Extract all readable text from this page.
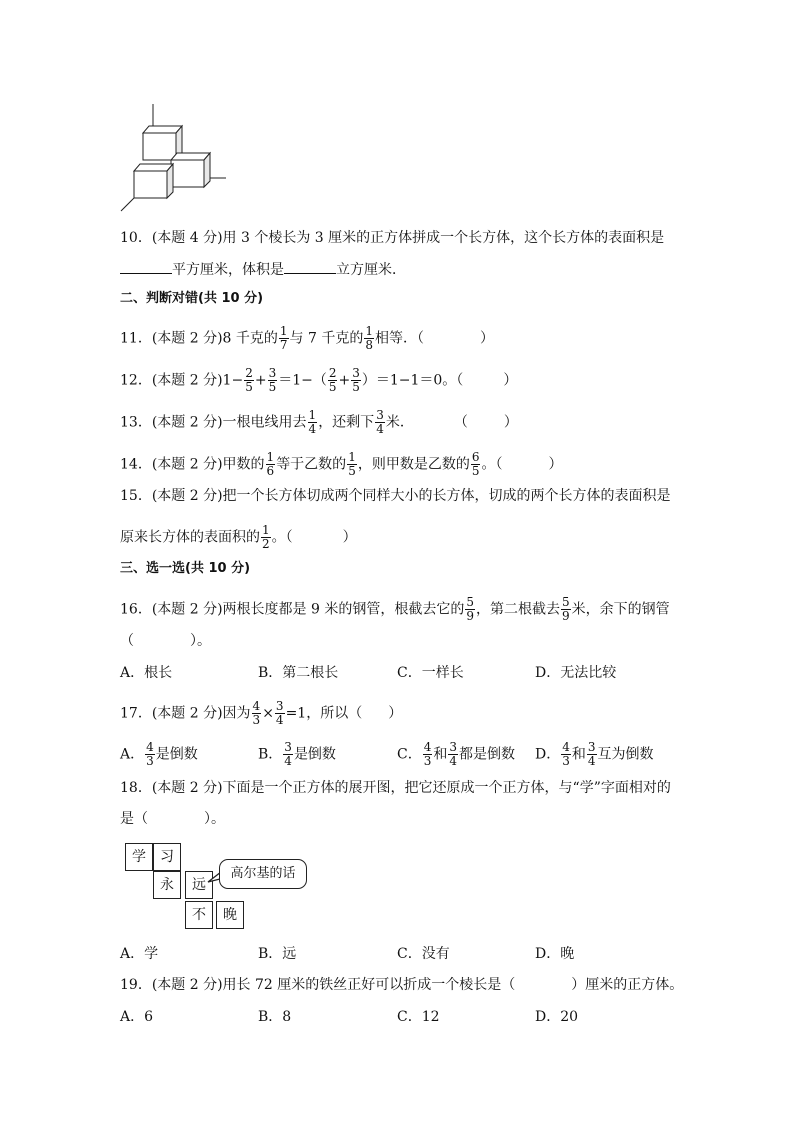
10．(本题 4 分)用 3 个棱长为 3 厘米的正方体拼成一个长方体，这个长方体的表面积是
平方厘米，体积是	立方厘米．
二、判断对错(共 10 分)
11．(本题 2 分)8 千克的 $\frac{1}{7}$ 与 7 千克的 $\frac{1}{8}$ 相等．（	）
12．(本题 2 分)$1- \frac{2}{5} + \frac{3}{5} =1-( \frac{2}{5} + \frac{3}{5} )=1-1=0$。（	）
13．(本题 2 分)一根电线用去 $\frac{1}{4}$ ，还剩下 $\frac{3}{4}$ 米．	（	）
14．(本题 2 分)甲数的 $\frac{1}{6}$ 等于乙数的 $\frac{1}{5}$ ，则甲数是乙数的 $\frac{6}{5}$ 。（	）
15．(本题 2 分)把一个长方体切成两个同样大小的长方体，切成的两个长方体的表面积是
原来长方体的表面积的 $\frac{1}{2}$ 。（	）
三、选一选(共 10 分)
16．(本题 2 分)两根长度都是 9 米的钢管，根截去它的 $\frac{5}{9}$ ，第二根截去 $\frac{5}{9}$ 米，余下的钢管
（　　　　）。
A．根长	B．第二根长	C．一样长	D．无法比较
17．(本题 2 分)因为 $\frac{4}{3} \times \frac{3}{4} =1$，所以（ ）
A． $\frac{4}{3}$ 是倒数	B． $\frac{3}{4}$ 是倒数	C． $\frac{4}{3}$ 和 $\frac{3}{4}$ 都是倒数 D． $\frac{4}{3}$ 和 $\frac{3}{4}$ 互为倒数
18．(本题 2 分)下面是一个正方体的展开图，把它还原成一个正方体，与“学”字面相对的
是（　　　　）。
学	习
永	远
不	晚
高尔基的话
A．学	B．远	C．没有	D．晚
19．(本题 2 分)用长 72 厘米的铁丝正好可以折成一个棱长是（　　　　）厘米的正方体。
A．6	B．8	C．12	D．20
